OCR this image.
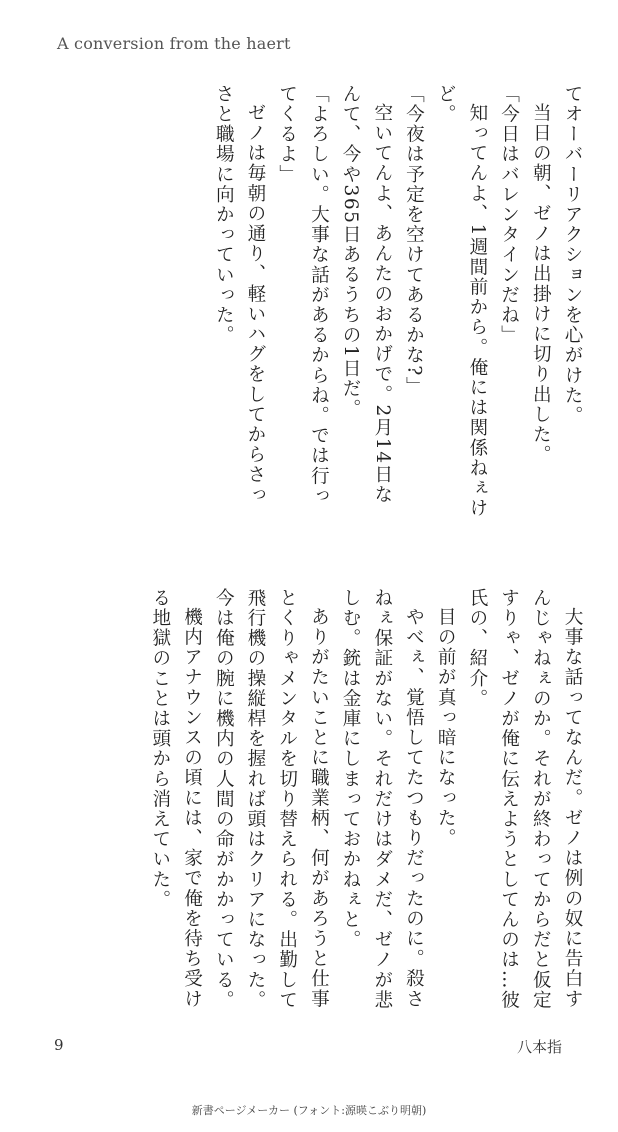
A conversion from the haert

てオーバーリアクションを心がけた。

当日の朝、ゼノは出掛けに切り出した。

「今日はバレンタインだね」

知ってんよ、1週間前から。俺には関係ねぇけど。

「今夜は予定を空けてあるかな?」

空いてんよ、あんたのおかげで。2月14日なんて、今や365日あるうちの1日だ。

「よろしい。大事な話があるからね。では行ってくるよ」

ゼノは毎朝の通り、軽いハグをしてからさっさと職場に向かっていった。

大事な話ってなんだ。ゼノは例の奴に告白すんじゃねぇのか。それが終わってからだと仮定すりゃ、ゼノが俺に伝えようとしてんのは…彼氏の、紹介。

目の前が真っ暗になった。

やべぇ、覚悟してたつもりだったのに。殺さねぇ保証がない。それだけはダメだ、ゼノが悲しむ。銃は金庫にしまっておかねぇと。

ありがたいことに職業柄、何があろうと仕事とくりゃメンタルを切り替えられる。出勤して飛行機の操縦桿を握れば頭はクリアになった。今は俺の腕に機内の人間の命がかかっている。

機内アナウンスの頃には、家で俺を待ち受ける地獄のことは頭から消えていた。

9	八本指
新書ページメーカー (フォント:源暎こぶり明朝)
